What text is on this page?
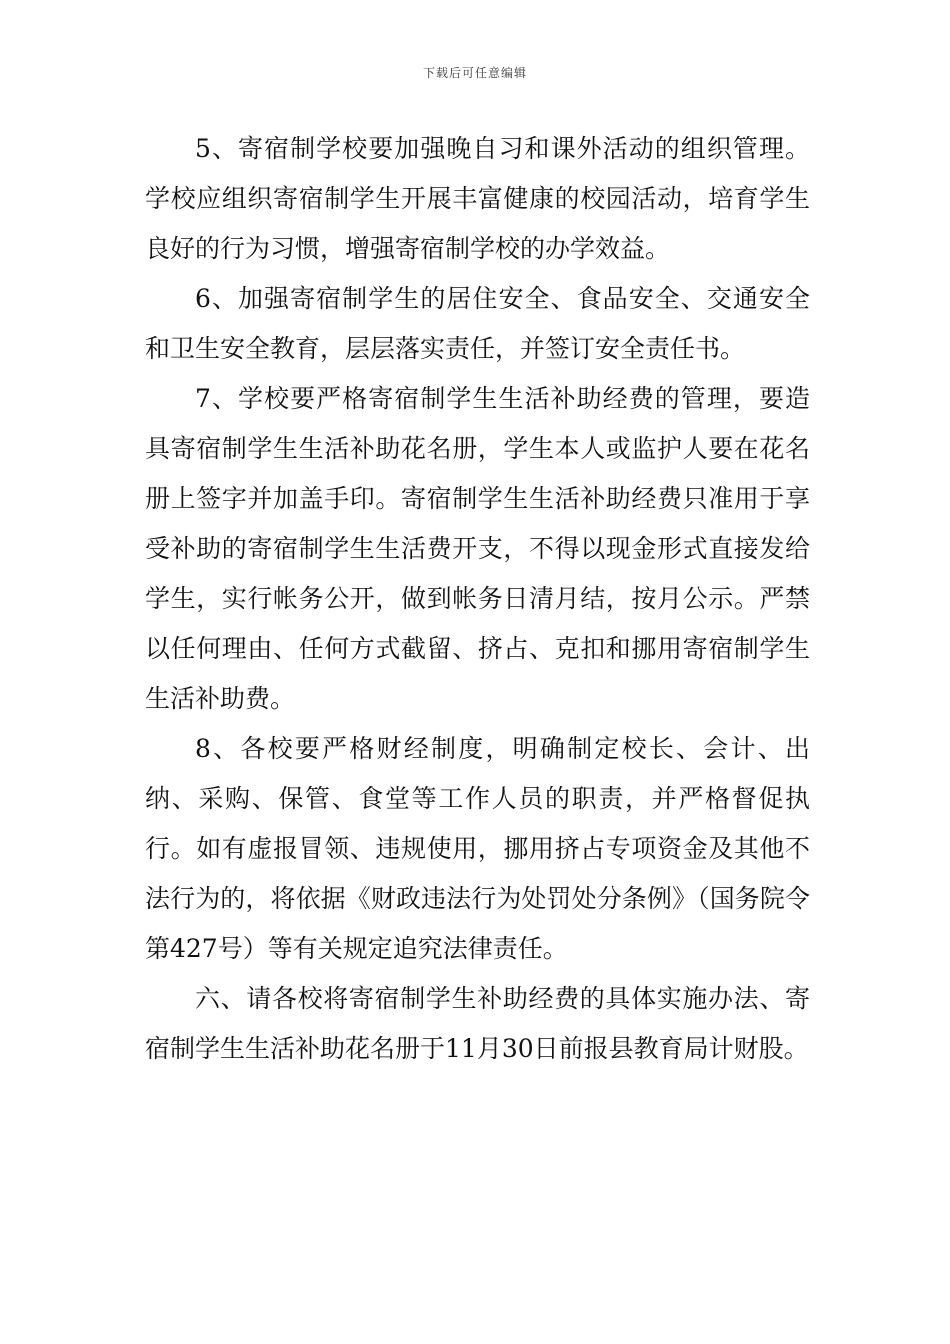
下载后可任意编辑

5、寄宿制学校要加强晚自习和课外活动的组织管理。学校应组织寄宿制学生开展丰富健康的校园活动，培育学生良好的行为习惯，增强寄宿制学校的办学效益。

6、加强寄宿制学生的居住安全、食品安全、交通安全和卫生安全教育，层层落实责任，并签订安全责任书。

7、学校要严格寄宿制学生生活补助经费的管理，要造具寄宿制学生生活补助花名册，学生本人或监护人要在花名册上签字并加盖手印。寄宿制学生生活补助经费只准用于享受补助的寄宿制学生生活费开支，不得以现金形式直接发给学生，实行帐务公开，做到帐务日清月结，按月公示。严禁以任何理由、任何方式截留、挤占、克扣和挪用寄宿制学生生活补助费。

8、各校要严格财经制度，明确制定校长、会计、出纳、采购、保管、食堂等工作人员的职责，并严格督促执行。如有虚报冒领、违规使用，挪用挤占专项资金及其他不法行为的，将依据《财政违法行为处罚处分条例》（国务院令第427号）等有关规定追究法律责任。

六、请各校将寄宿制学生补助经费的具体实施办法、寄宿制学生生活补助花名册于11月30日前报县教育局计财股。
